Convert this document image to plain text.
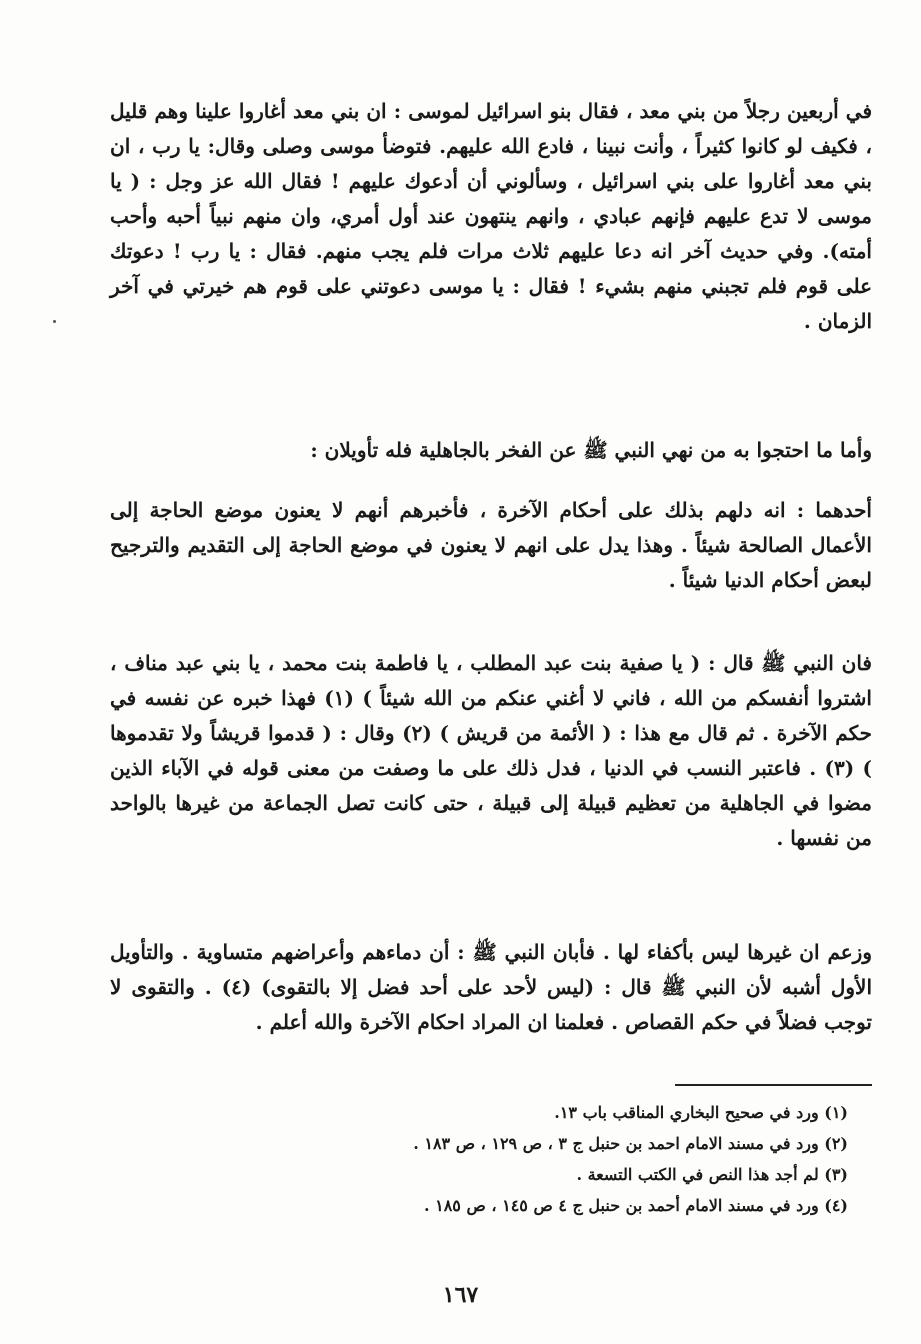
في أربعين رجلاً من بني معد ، فقال بنو اسرائيل لموسى : ان بني معد أغاروا علينا وهم قليل ، فكيف لو كانوا كثيراً ، وأنت نبينا ، فادع الله عليهم. فتوضأ موسى وصلى وقال: يا رب ، ان بني معد أغاروا على بني اسرائيل ، وسألوني أن أدعوك عليهم ! فقال الله عز وجل : ( يا موسى لا تدع عليهم فإنهم عبادي ، وانهم ينتهون عند أول أمري، وان منهم نبياً أحبه وأحب أمته). وفي حديث آخر انه دعا عليهم ثلاث مرات فلم يجب منهم. فقال : يا رب ! دعوتك على قوم فلم تجبني منهم بشيء ! فقال : يا موسى دعوتني على قوم هم خيرتي في آخر الزمان .

وأما ما احتجوا به من نهي النبي ﷺ عن الفخر بالجاهلية فله تأويلان :

أحدهما : انه دلهم بذلك على أحكام الآخرة ، فأخبرهم أنهم لا يعنون موضع الحاجة إلى الأعمال الصالحة شيئاً . وهذا يدل على انهم لا يعنون في موضع الحاجة إلى التقديم والترجيح لبعض أحكام الدنيا شيئاً .

فان النبي ﷺ قال : ( يا صفية بنت عبد المطلب ، يا فاطمة بنت محمد ، يا بني عبد مناف ، اشتروا أنفسكم من الله ، فاني لا أغني عنكم من الله شيئاً ) (١) فهذا خبره عن نفسه في حكم الآخرة . ثم قال مع هذا : ( الأئمة من قريش ) (٢) وقال : ( قدموا قريشاً ولا تقدموها ) (٣) . فاعتبر النسب في الدنيا ، فدل ذلك على ما وصفت من معنى قوله في الآباء الذين مضوا في الجاهلية من تعظيم قبيلة إلى قبيلة ، حتى كانت تصل الجماعة من غيرها بالواحد من نفسها .

وزعم ان غيرها ليس بأكفاء لها . فأبان النبي ﷺ : أن دماءهم وأعراضهم متساوية . والتأويل الأول أشبه لأن النبي ﷺ قال : (ليس لأحد على أحد فضل إلا بالتقوى) (٤) . والتقوى لا توجب فضلاً في حكم القصاص . فعلمنا ان المراد احكام الآخرة والله أعلم .

(١) ورد في صحيح البخاري المناقب باب ١٣.
(٢) ورد في مسند الامام احمد بن حنبل ج ٣ ، ص ١٢٩ ، ص ١٨٣ .
(٣) لم أجد هذا النص في الكتب التسعة .
(٤) ورد في مسند الامام أحمد بن حنبل ج ٤ ص ١٤٥ ، ص ١٨٥ .
١٦٧
